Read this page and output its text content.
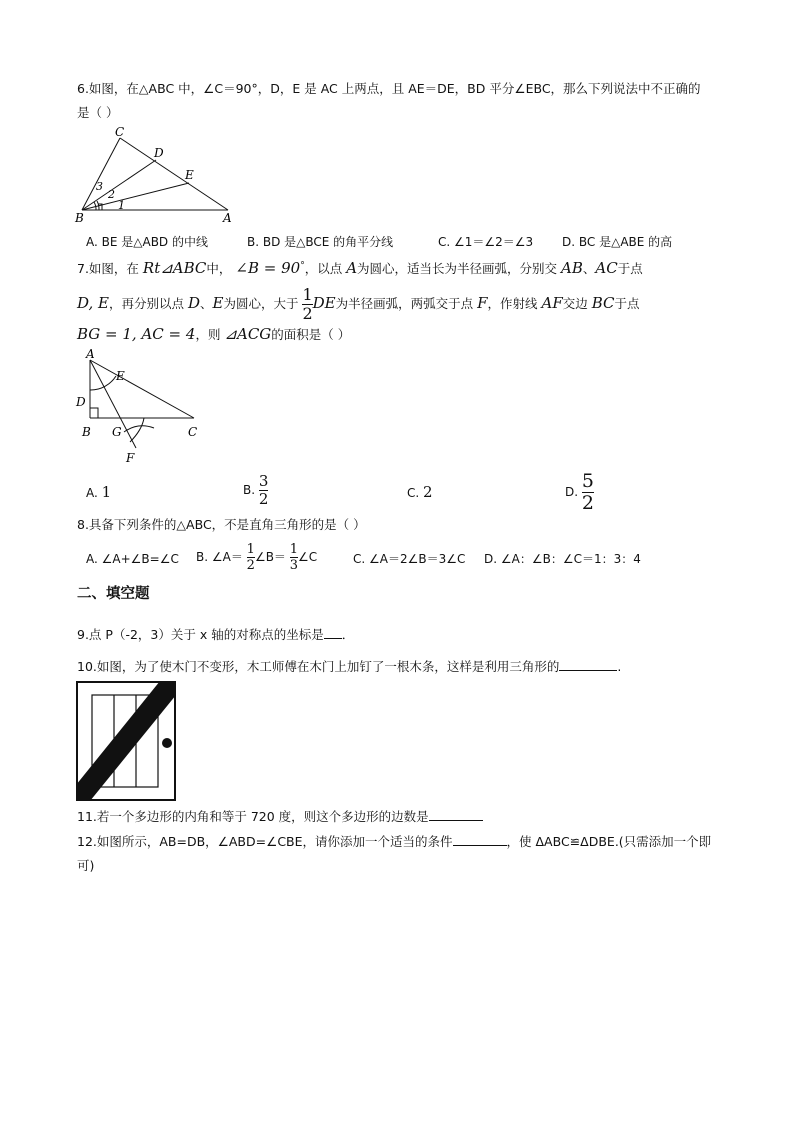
6.如图，在△ABC 中，∠C＝90°，D，E 是 AC 上两点，且 AE＝DE，BD 平分∠EBC，那么下列说法中不正确的
是（ ）
C
D
E
B	A
3
2
1
A. BE 是△ABD 的中线	B. BD 是△BCE 的角平分线	C. ∠1＝∠2＝∠3 D. BC 是△ABE 的高
7.如图，在 Rt⊿ABC中， ∠B = 90°，以点 A为圆心，适当长为半径画弧，分别交 AB、AC于点
D, E，再分别以点 D、E为圆心，大于 $\frac{1}{2}$ DE为半径画弧，两弧交于点 F，作射线 AF交边 BC于点
BG = 1, AC = 4，则 ⊿ACG的面积是（ ）
A
E
D
B G	C
F
A. 1	B. $\frac{3}{2}$	C. 2	D. $\frac{5}{2}$
8.具备下列条件的△ABC，不是直角三角形的是（ ）
A. ∠A+∠B=∠C B. ∠A＝ $\frac{1}{2}$ ∠B＝ $\frac{1}{3}$ ∠C	C. ∠A＝2∠B＝3∠C D. ∠A：∠B：∠C＝1：3：4
二、填空题
9.点 P（-2，3）关于 x 轴的对称点的坐标是 ．
10.如图，为了使木门不变形，木工师傅在木门上加钉了一根木条，这样是利用三角形的	.
11.若一个多边形的内角和等于 720 度，则这个多边形的边数是
12.如图所示，AB=DB，∠ABD=∠CBE，请你添加一个适当的条件	，使 ΔABC≌ΔDBE.(只需添加一个即
可)
